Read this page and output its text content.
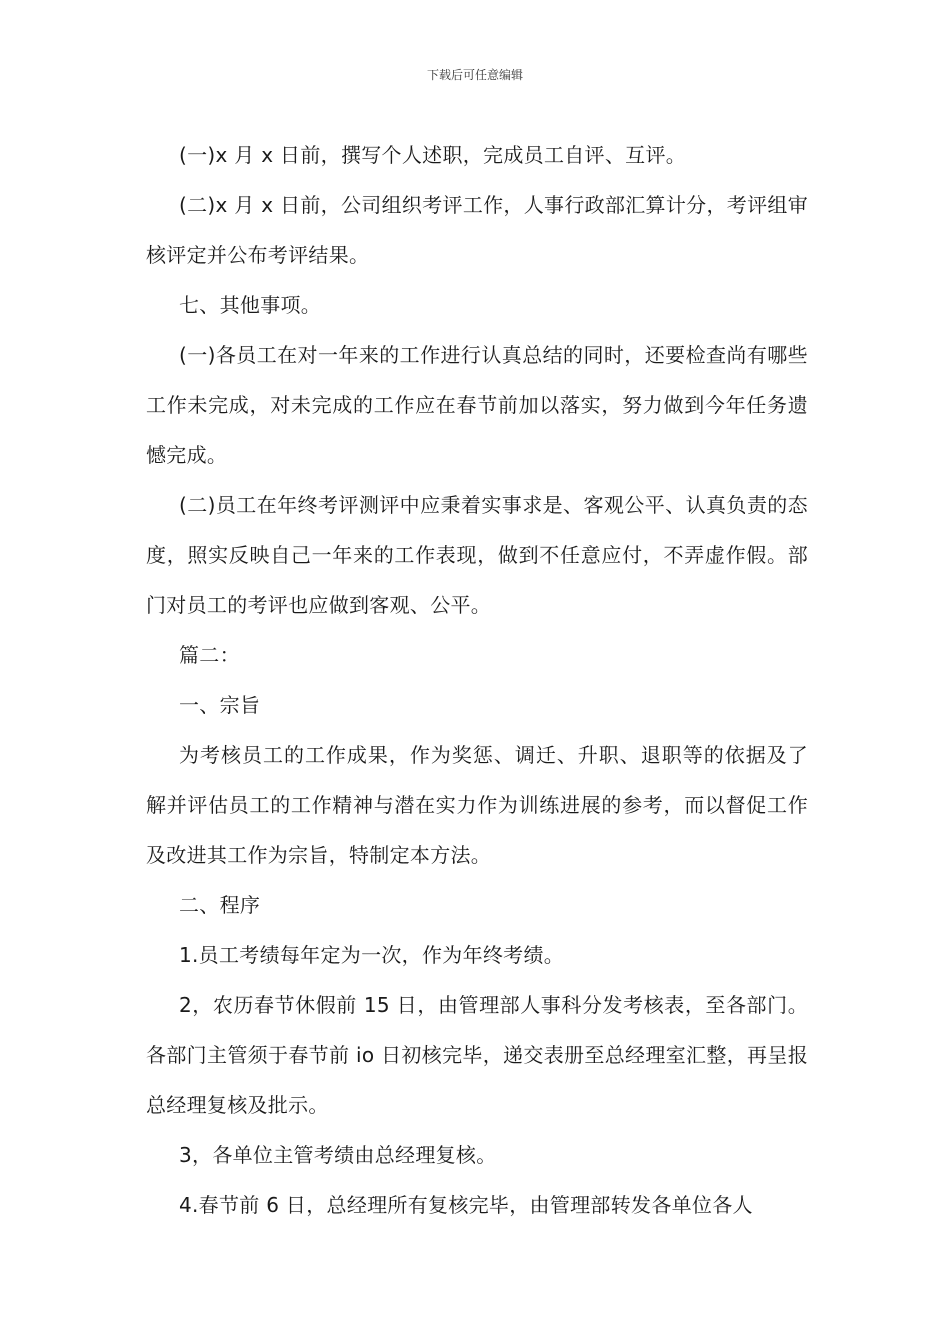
下载后可任意编辑

(一)x 月 x 日前，撰写个人述职，完成员工自评、互评。

(二)x 月 x 日前，公司组织考评工作，人事行政部汇算计分，考评组审核评定并公布考评结果。

七、其他事项。

(一)各员工在对一年来的工作进行认真总结的同时，还要检查尚有哪些工作未完成，对未完成的工作应在春节前加以落实，努力做到今年任务遗憾完成。

(二)员工在年终考评测评中应秉着实事求是、客观公平、认真负责的态度，照实反映自己一年来的工作表现，做到不任意应付，不弄虚作假。部门对员工的考评也应做到客观、公平。

篇二：

一、宗旨

为考核员工的工作成果，作为奖惩、调迁、升职、退职等的依据及了解并评估员工的工作精神与潜在实力作为训练进展的参考，而以督促工作及改进其工作为宗旨，特制定本方法。

二、程序

1.员工考绩每年定为一次，作为年终考绩。

2，农历春节休假前 15 日，由管理部人事科分发考核表，至各部门。各部门主管须于春节前 io 日初核完毕，递交表册至总经理室汇整，再呈报总经理复核及批示。

3，各单位主管考绩由总经理复核。

4.春节前 6 日，总经理所有复核完毕，由管理部转发各单位各人
